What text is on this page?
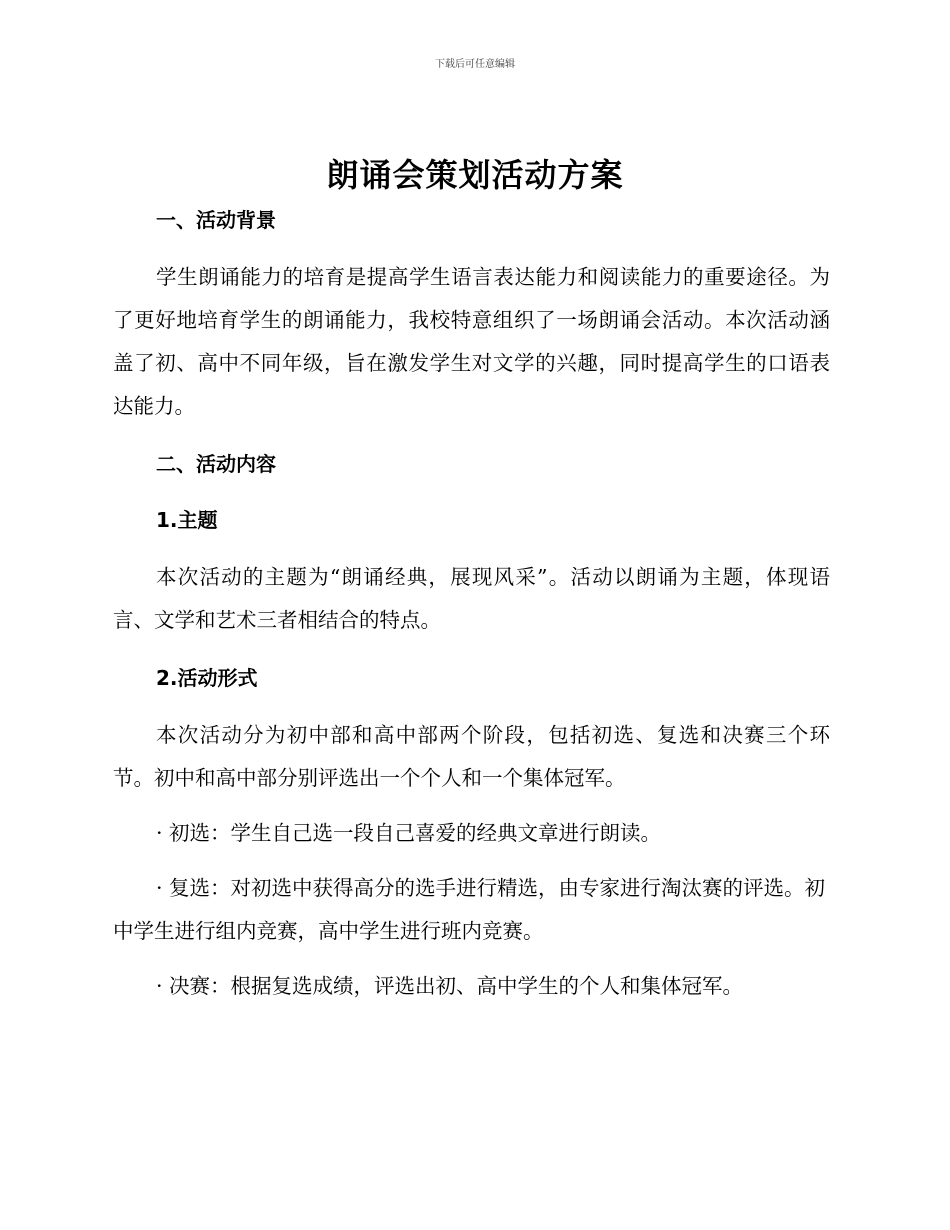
下载后可任意编辑
朗诵会策划活动方案
一、活动背景

学生朗诵能力的培育是提高学生语言表达能力和阅读能力的重要途径。为了更好地培育学生的朗诵能力，我校特意组织了一场朗诵会活动。本次活动涵盖了初、高中不同年级，旨在激发学生对文学的兴趣，同时提高学生的口语表达能力。

二、活动内容
1.主题

本次活动的主题为“朗诵经典，展现风采”。活动以朗诵为主题，体现语言、文学和艺术三者相结合的特点。

2.活动形式

本次活动分为初中部和高中部两个阶段，包括初选、复选和决赛三个环节。初中和高中部分别评选出一个个人和一个集体冠军。

· 初选：学生自己选一段自己喜爱的经典文章进行朗读。

· 复选：对初选中获得高分的选手进行精选，由专家进行淘汰赛的评选。初中学生进行组内竞赛，高中学生进行班内竞赛。

· 决赛：根据复选成绩，评选出初、高中学生的个人和集体冠军。
